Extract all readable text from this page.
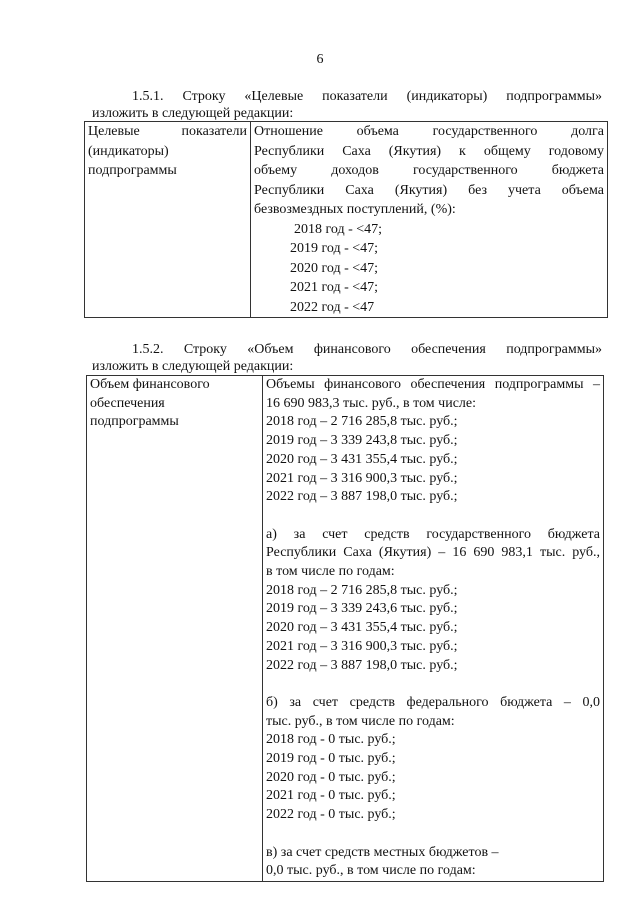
6
1.5.1. Строку «Целевые показатели (индикаторы) подпрограммы»
изложить в следующей редакции:
Целевые показатели
(индикаторы)
подпрограммы

Отношение объема государственного долга
Республики Саха (Якутия) к общему годовому
объему доходов государственного бюджета
Республики Саха (Якутия) без учета объема
безвозмездных поступлений, (%):
2018 год - <47;
2019 год - <47;
2020 год - <47;
2021 год - <47;
2022 год - <47
1.5.2. Строку «Объем финансового обеспечения подпрограммы»
изложить в следующей редакции:
Объем финансового
обеспечения
подпрограммы

Объемы финансового обеспечения подпрограммы –
16 690 983,3 тыс. руб., в том числе:
2018 год – 2 716 285,8 тыс. руб.;
2019 год – 3 339 243,8 тыс. руб.;
2020 год – 3 431 355,4 тыс. руб.;
2021 год – 3 316 900,3 тыс. руб.;
2022 год – 3 887 198,0 тыс. руб.;
а) за счет средств государственного бюджета
Республики Саха (Якутия) – 16 690 983,1 тыс. руб.,
в том числе по годам:
2018 год – 2 716 285,8 тыс. руб.;
2019 год – 3 339 243,6 тыс. руб.;
2020 год – 3 431 355,4 тыс. руб.;
2021 год – 3 316 900,3 тыс. руб.;
2022 год – 3 887 198,0 тыс. руб.;
б) за счет средств федерального бюджета – 0,0
тыс. руб., в том числе по годам:
2018 год - 0 тыс. руб.;
2019 год - 0 тыс. руб.;
2020 год - 0 тыс. руб.;
2021 год - 0 тыс. руб.;
2022 год - 0 тыс. руб.;
в) за счет средств местных бюджетов –
0,0 тыс. руб., в том числе по годам:
